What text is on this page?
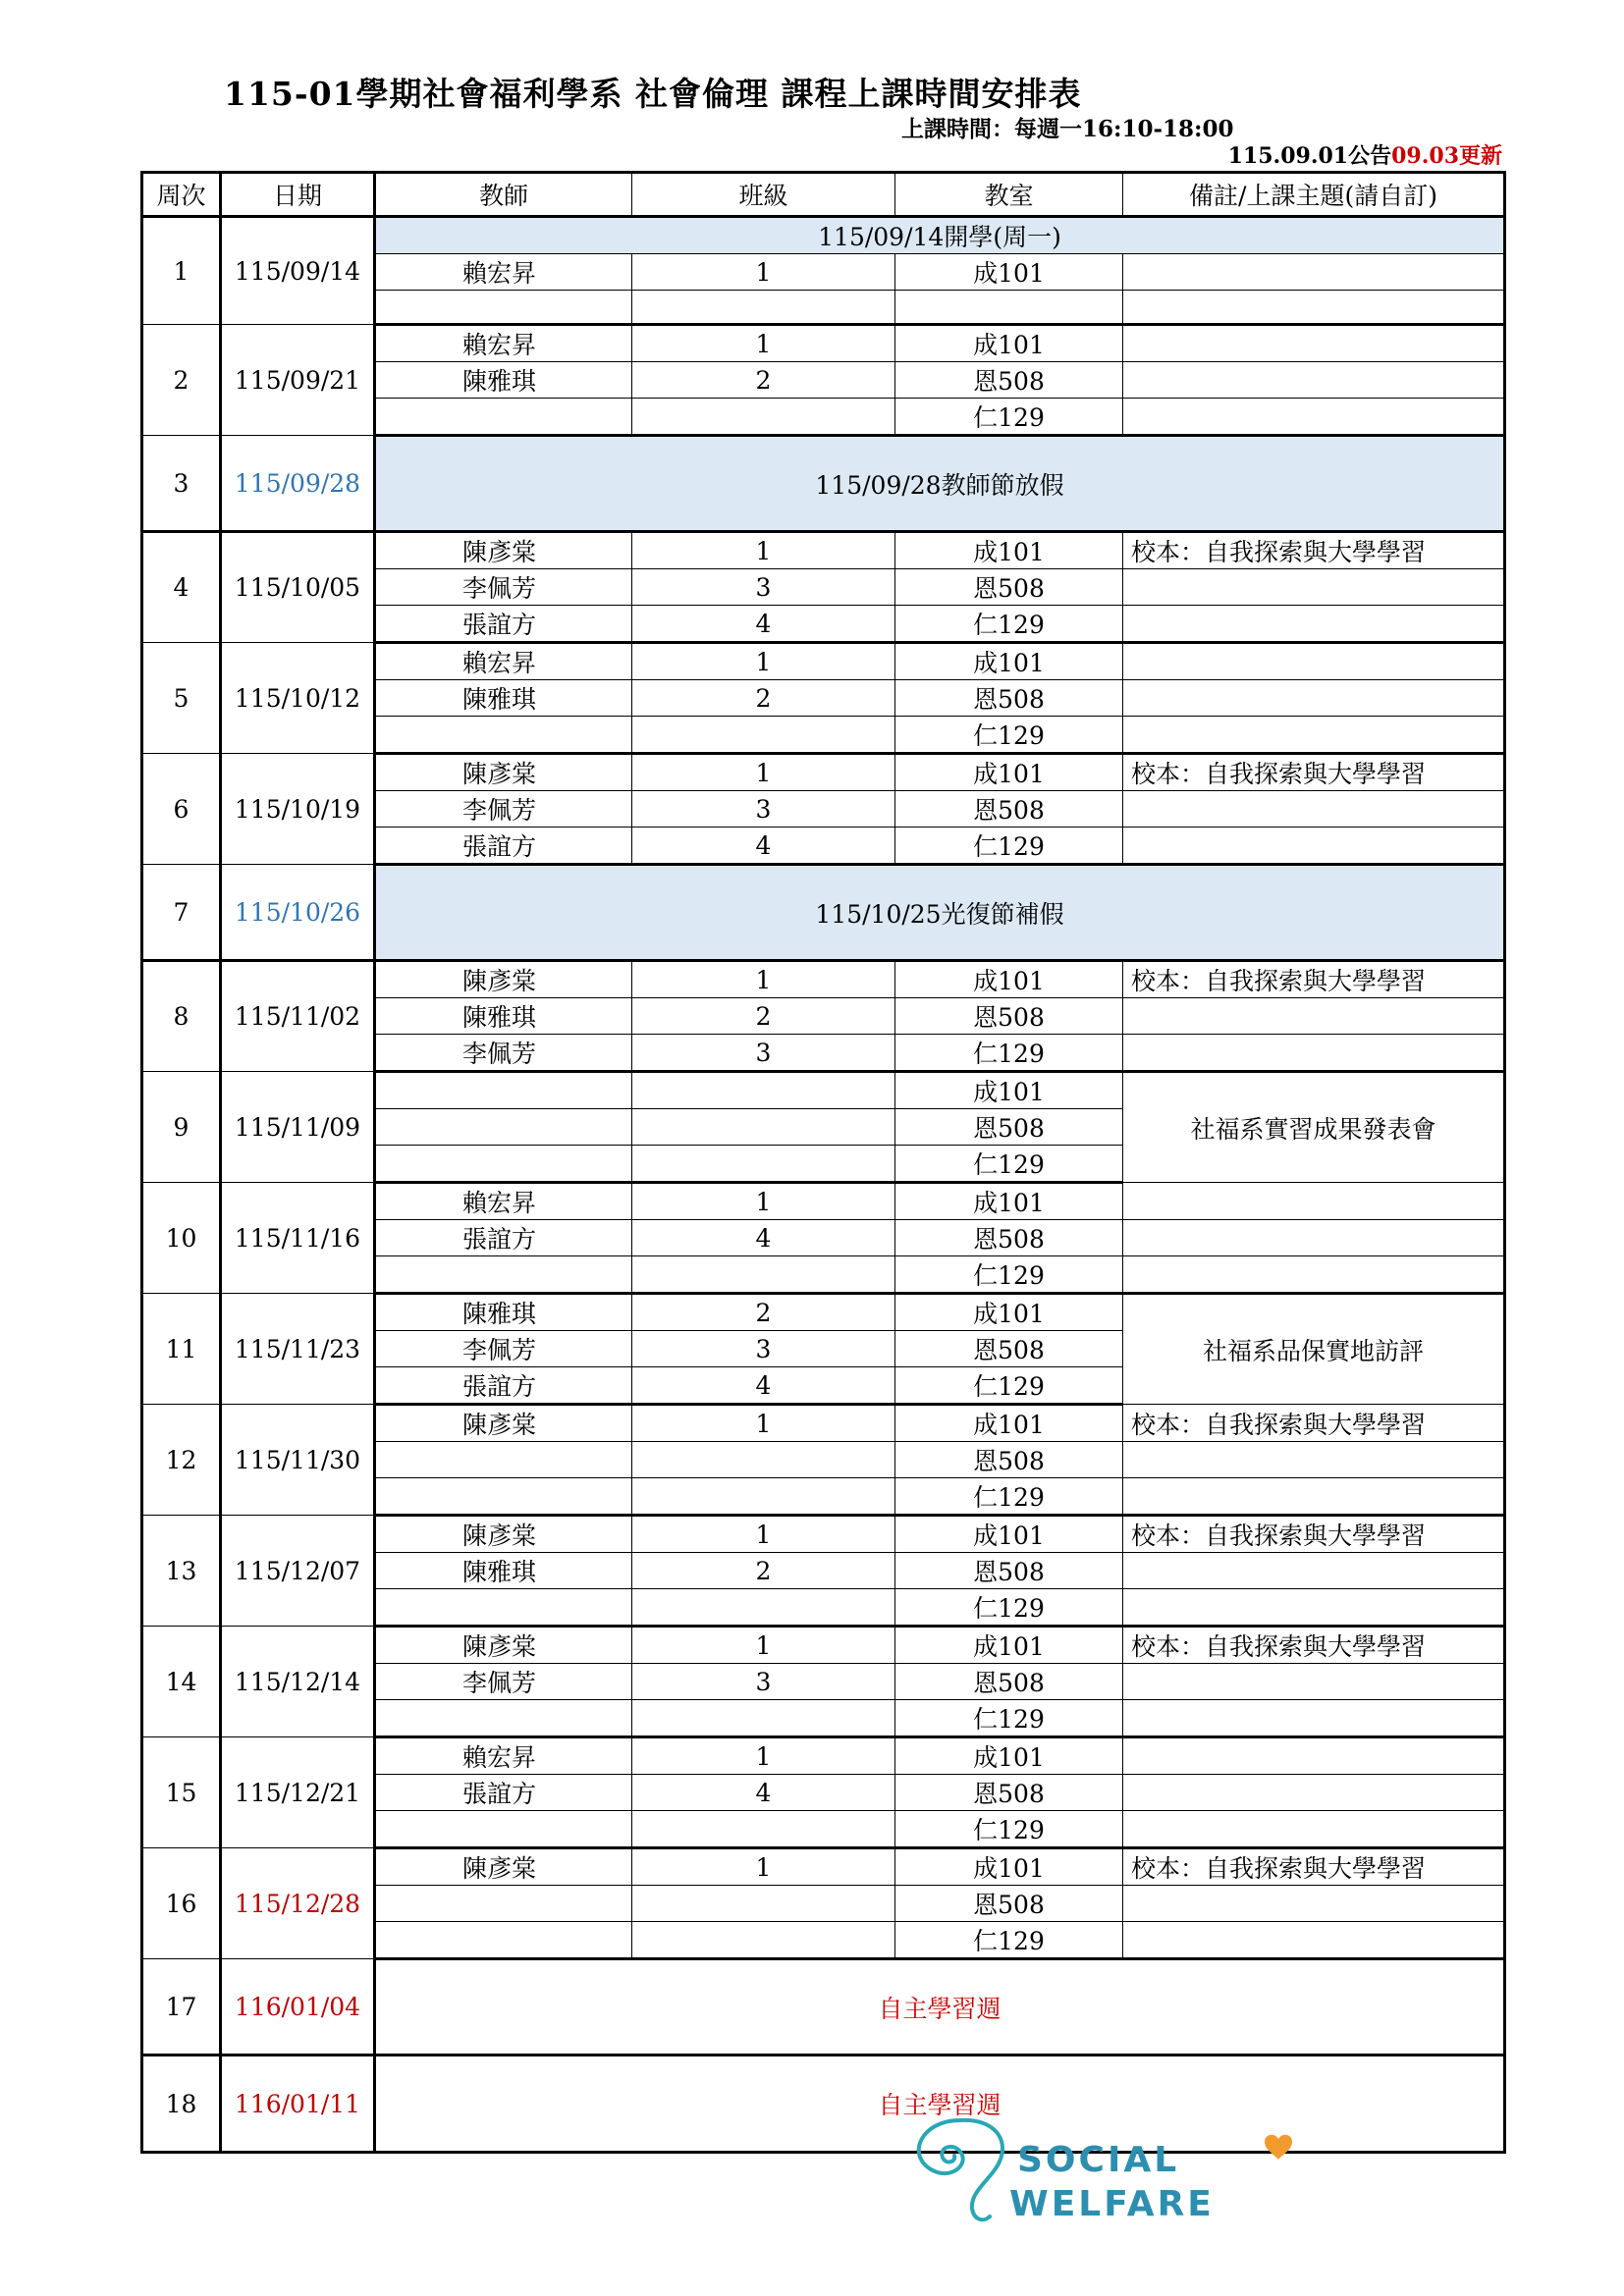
115-01學期社會福利學系 社會倫理 課程上課時間安排表
上課時間：每週一16:10-18:00
115.09.01公告09.03更新
周次	日期	教師	班級	教室	備註/上課主題(請自訂)
1	115/09/14	115/09/14開學(周一)			
		賴宏昇	1	成101	

2	115/09/21	賴宏昇	1	成101	
		陳雅琪	2	恩508	
				仁129	
3	115/09/28	115/09/28教師節放假			
4	115/10/05	陳彥棠	1	成101	校本：自我探索與大學學習
		李佩芳	3	恩508	
		張誼方	4	仁129	
5	115/10/12	賴宏昇	1	成101	
		陳雅琪	2	恩508	
				仁129	
6	115/10/19	陳彥棠	1	成101	校本：自我探索與大學學習
		李佩芳	3	恩508	
		張誼方	4	仁129	
7	115/10/26	115/10/25光復節補假			
8	115/11/02	陳彥棠	1	成101	校本：自我探索與大學學習
		陳雅琪	2	恩508	
		李佩芳	3	仁129	
9	115/11/09			成101	社福系實習成果發表會
				恩508	
				仁129	
10	115/11/16	賴宏昇	1	成101	
		張誼方	4	恩508	
				仁129	
11	115/11/23	陳雅琪	2	成101	社福系品保實地訪評
		李佩芳	3	恩508	
		張誼方	4	仁129	
12	115/11/30	陳彥棠	1	成101	校本：自我探索與大學學習
				恩508	
				仁129	
13	115/12/07	陳彥棠	1	成101	校本：自我探索與大學學習
		陳雅琪	2	恩508	
				仁129	
14	115/12/14	陳彥棠	1	成101	校本：自我探索與大學學習
		李佩芳	3	恩508	
				仁129	
15	115/12/21	賴宏昇	1	成101	
		張誼方	4	恩508	
				仁129	
16	115/12/28	陳彥棠	1	成101	校本：自我探索與大學學習
				恩508	
				仁129	
17	116/01/04	自主學習週			
18	116/01/11	自主學習週			
SOCIAL
WELFARE
